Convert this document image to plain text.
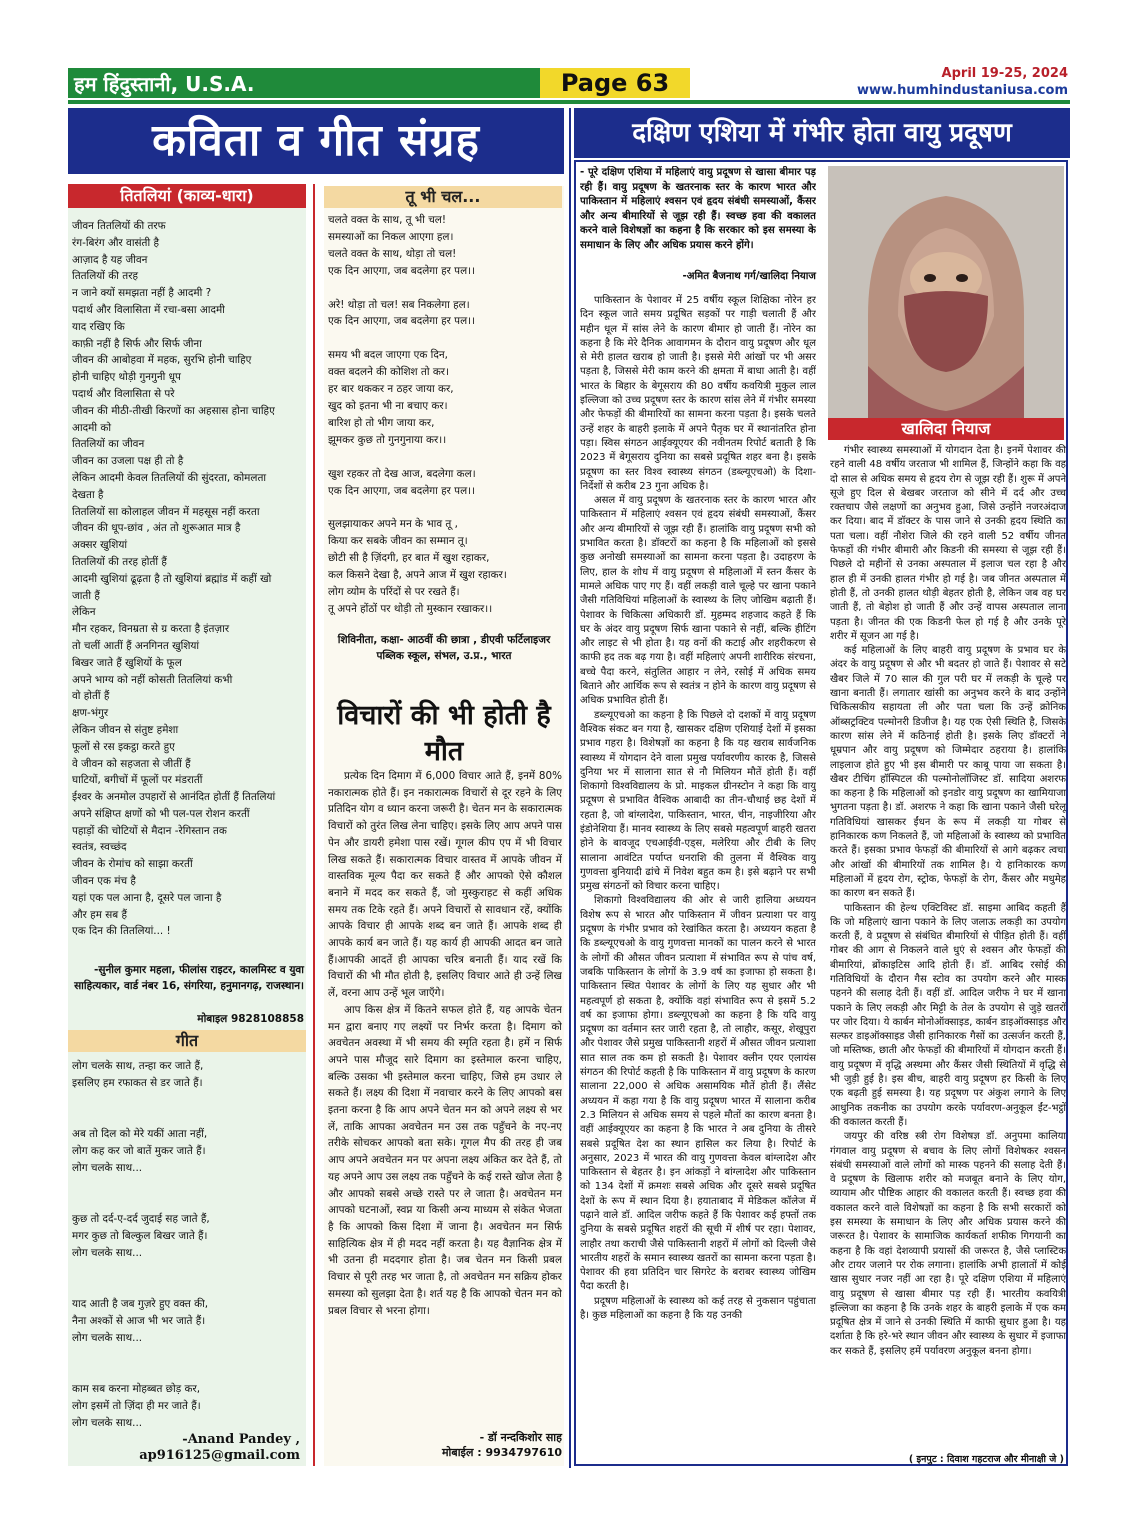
हम हिंदुस्तानी, U.S.A.	Page 63	April 19-25, 2024
www.humhindustaniusa.com
कविता व गीत संग्रह	दक्षिण एशिया में गंभीर होता वायु प्रदूषण
तितलियां (काव्य-धारा)
जीवन तितलियों की तरफ
रंग-बिरंग और वासंती है
आज़ाद है यह जीवन
तितलियों की तरह
न जाने क्यों समझता नहीं है आदमी ?
पदार्थ और विलासिता में रचा-बसा आदमी
याद रखिए कि
काफ़ी नहीं है सिर्फ और सिर्फ जीना
जीवन की आबोहवा में महक, सुरभि होनी चाहिए
होनी चाहिए थोड़ी गुनगुनी धूप
पदार्थ और विलासिता से परे
जीवन की मीठी-तीखी किरणों का अहसास होना चाहिए
आदमी को
तितलियों का जीवन
जीवन का उजला पक्ष ही तो है
लेकिन आदमी केवल तितलियों की सुंदरता, कोमलता
देखता है
तितलियों सा कोलाहल जीवन में महसूस नहीं करता
जीवन की धूप-छांव , अंत तो शुरूआत मात्र है
अक्सर खुशियां
तितलियों की तरह होतीं हैं
आदमी खुशियां ढूढ़ता है तो खुशियां ब्रह्मांड में कहीं खो
जाती हैं
लेकिन
मौन रहकर, विनम्रता से ग्र करता है इंतज़ार
तो चलीं आतीं हैं अनगिनत खुशियां
बिखर जाते हैं खुशियों के फूल
अपने भाग्य को नहीं कोसती तितलियां कभी
वो होतीं हैं
क्षण-भंगुर
लेकिन जीवन से संतुष्ट हमेशा
फूलों से रस इकट्ठा करते हुए
वे जीवन को सहजता से जीतीं हैं
घाटियों, बगीचों में फूलों पर मंडरातीं
ईश्वर के अनमोल उपहारों से आनंदित होतीं हैं तितलियां
अपने संक्षिप्त क्षणों को भी पल-पल रोशन करतीं
पहाड़ों की चोटियों से मैदान -रेगिस्तान तक
स्वतंत्र, स्वच्छंद
जीवन के रोमांच को साझा करतीं
जीवन एक मंच है
यहां एक पल आना है, दूसरे पल जाना है
और हम सब हैं
एक दिन की तितलियां... !
-सुनील कुमार महला, फीलांस राइटर, कालमिस्ट व युवा साहित्यकार, वार्ड नंबर 16, संगरिया, हनुमानगढ़, राजस्थान।
मोबाइल 9828108858
गीत
लोग चलके साथ, तन्हा कर जाते हैं,
इसलिए हम रफाकत से डर जाते हैं।

अब तो दिल को मेरे यकीं आता नहीं,
लोग कह कर जो बातें मुकर जाते हैं।
लोग चलके साथ...

कुछ तो दर्द-ए-दर्द जुदाई सह जाते हैं,
मगर कुछ तो बिल्कुल बिखर जाते हैं।
लोग चलके साथ...

याद आती है जब गुज़रे हुए वक्त की,
नैना अश्कों से आज भी भर जाते हैं।
लोग चलके साथ...

काम सब करना मोहब्बत छोड़ कर,
लोग इसमें तो ज़िंदा ही मर जाते हैं।
लोग चलके साथ...

-Anand Pandey ,
ap916125@gmail.com
तू भी चल...
चलते वक्त के साथ, तू भी चल!
समस्याओं का निकल आएगा हल।
चलते वक्त के साथ, थोड़ा तो चल!
एक दिन आएगा, जब बदलेगा हर पल।।

अरे! थोड़ा तो चल! सब निकलेगा हल।
एक दिन आएगा, जब बदलेगा हर पल।।

समय भी बदल जाएगा एक दिन,
वक्त बदलने की कोशिश तो कर।
हर बार थककर न ठहर जाया कर,
खुद को इतना भी ना बचाए कर।
बारिश हो तो भीग जाया कर,
झूमकर कुछ तो गुनगुनाया कर।।

खुश रहकर तो देख आज, बदलेगा कल।
एक दिन आएगा, जब बदलेगा हर पल।।

सुलझायाकर अपने मन के भाव तू ,
किया कर सबके जीवन का सम्मान तू।
छोटी सी है ज़िंदगी, हर बात में खुश रहाकर,
कल किसने देखा है, अपने आज में खुश रहाकर।
लोग व्योम के परिंदों से पर रखते हैं।
तू अपने होंठों पर थोड़ी तो मुस्कान रखाकर।।

शिविनीता, कक्षा- आठवीं की छात्रा , डीएवी फर्टिलाइजर पब्लिक स्कूल, संभल, उ.प्र., भारत
विचारों की भी होती है मौत

प्रत्येक दिन दिमाग में 6,000 विचार आते हैं, इनमें 80% नकारात्मक होते हैं। इन नकारात्मक विचारों से दूर रहने के लिए प्रतिदिन योग व ध्यान करना जरूरी है। चेतन मन के सकारात्मक विचारों को तुरंत लिख लेना चाहिए। इसके लिए आप अपने पास पेन और डायरी हमेशा पास रखें। गूगल कीप एप में भी विचार लिख सकते हैं। सकारात्मक विचार वास्तव में आपके जीवन में वास्तविक मूल्य पैदा कर सकते हैं और आपको ऐसे कौशल बनाने में मदद कर सकते हैं, जो मुस्कुराहट से कहीं अधिक समय तक टिके रहते हैं। अपने विचारों से सावधान रहें, क्योंकि आपके विचार ही आपके शब्द बन जाते हैं। आपके शब्द ही आपके कार्य बन जाते हैं। यह कार्य ही आपकी आदत बन जाते हैं।आपकी आदतें ही आपका चरित्र बनाती हैं। याद रखें कि विचारों की भी मौत होती है, इसलिए विचार आते ही उन्हें लिख लें, वरना आप उन्हें भूल जाएँगे।

आप किस क्षेत्र में कितने सफल होते हैं, यह आपके चेतन मन द्वारा बनाए गए लक्ष्यों पर निर्भर करता है। दिमाग को अवचेतन अवस्था में भी समय की स्मृति रहता है। हमें न सिर्फ अपने पास मौजूद सारे दिमाग का इस्तेमाल करना चाहिए, बल्कि उसका भी इस्तेमाल करना चाहिए, जिसे हम उधार ले सकते हैं। लक्ष्य की दिशा में नवाचार करने के लिए आपको बस इतना करना है कि आप अपने चेतन मन को अपने लक्ष्य से भर लें, ताकि आपका अवचेतन मन उस तक पहुँचने के नए-नए तरीके सोचकर आपको बता सके। गूगल मैप की तरह ही जब आप अपने अवचेतन मन पर अपना लक्ष्य अंकित कर देते हैं, तो यह अपने आप उस लक्ष्य तक पहुँचने के कई रास्ते खोज लेता है और आपको सबसे अच्छे रास्ते पर ले जाता है। अवचेतन मन आपको घटनाओं, स्वप्न या किसी अन्य माध्यम से संकेत भेजता है कि आपको किस दिशा में जाना है। अवचेतन मन सिर्फ साहित्यिक क्षेत्र में ही मदद नहीं करता है। यह वैज्ञानिक क्षेत्र में भी उतना ही मददगार होता है। जब चेतन मन किसी प्रबल विचार से पूरी तरह भर जाता है, तो अवचेतन मन सक्रिय होकर समस्या को सुलझा देता है। शर्त यह है कि आपको चेतन मन को प्रबल विचार से भरना होगा।

- डॉ नन्दकिशोर साह
मोबाईल : 9934797610
- पूरे दक्षिण एशिया में महिलाएं वायु प्रदूषण से खासा बीमार पड़ रही हैं। वायु प्रदूषण के खतरनाक स्तर के कारण भारत और पाकिस्तान में महिलाएं श्वसन एवं हृदय संबंधी समस्याओं, कैंसर और अन्य बीमारियों से जूझ रही हैं। स्वच्छ हवा की वकालत करने वाले विशेषज्ञों का कहना है कि सरकार को इस समस्या के समाधान के लिए और अधिक प्रयास करने होंगे।
-अमित बैजनाथ गर्ग/खालिदा नियाज

पाकिस्तान के पेशावर में 25 वर्षीय स्कूल शिक्षिका नोरेन हर दिन स्कूल जाते समय प्रदूषित सड़कों पर गाड़ी चलाती हैं और महीन धूल में सांस लेने के कारण बीमार हो जाती हैं। नोरेन का कहना है कि मेरे दैनिक आवागमन के दौरान वायु प्रदूषण और धूल से मेरी हालत खराब हो जाती है। इससे मेरी आंखों पर भी असर पड़ता है, जिससे मेरी काम करने की क्षमता में बाधा आती है। वहीं भारत के बिहार के बेगूसराय की 80 वर्षीय कवयित्री मुकुल लाल इल्लिजा को उच्च प्रदूषण स्तर के कारण सांस लेने में गंभीर समस्या और फेफड़ों की बीमारियों का सामना करना पड़ता है। इसके चलते उन्हें शहर के बाहरी इलाके में अपने पैतृक घर में स्थानांतरित होना पड़ा। स्विस संगठन आईक्यूएयर की नवीनतम रिपोर्ट बताती है कि 2023 में बेगूसराय दुनिया का सबसे प्रदूषित शहर बना है। इसके प्रदूषण का स्तर विश्व स्वास्थ्य संगठन (डब्ल्यूएचओ) के दिशा-निर्देशों से करीब 23 गुना अधिक है।

असल में वायु प्रदूषण के खतरनाक स्तर के कारण भारत और पाकिस्तान में महिलाएं श्वसन एवं हृदय संबंधी समस्याओं, कैंसर और अन्य बीमारियों से जूझ रही हैं। हालांकि वायु प्रदूषण सभी को प्रभावित करता है। डॉक्टरों का कहना है कि महिलाओं को इससे कुछ अनोखी समस्याओं का सामना करना पड़ता है। उदाहरण के लिए, हाल के शोध में वायु प्रदूषण से महिलाओं में स्तन कैंसर के मामले अधिक पाए गए हैं। वहीं लकड़ी वाले चूल्हे पर खाना पकाने जैसी गतिविधियां महिलाओं के स्वास्थ्य के लिए जोखिम बढ़ाती हैं। पेशावर के चिकित्सा अधिकारी डॉ. मुहम्मद शहजाद कहते हैं कि घर के अंदर वायु प्रदूषण सिर्फ खाना पकाने से नहीं, बल्कि हीटिंग और लाइट से भी होता है। यह वनों की कटाई और शहरीकरण से काफी हद तक बढ़ गया है। वहीं महिलाएं अपनी शारीरिक संरचना, बच्चे पैदा करने, संतुलित आहार न लेने, रसोई में अधिक समय बिताने और आर्थिक रूप से स्वतंत्र न होने के कारण वायु प्रदूषण से अधिक प्रभावित होती हैं।

डब्ल्यूएचओ का कहना है कि पिछले दो दशकों में वायु प्रदूषण वैश्विक संकट बन गया है, खासकर दक्षिण एशियाई देशों में इसका प्रभाव गहरा है। विशेषज्ञों का कहना है कि यह खराब सार्वजनिक स्वास्थ्य में योगदान देने वाला प्रमुख पर्यावरणीय कारक है, जिससे दुनिया भर में सालाना सात से नौ मिलियन मौतें होती हैं। वहीं शिकागो विश्वविद्यालय के प्रो. माइकल ग्रीनस्टोन ने कहा कि वायु प्रदूषण से प्रभावित वैश्विक आबादी का तीन-चौथाई छह देशों में रहता है, जो बांग्लादेश, पाकिस्तान, भारत, चीन, नाइजीरिया और इंडोनेशिया हैं। मानव स्वास्थ्य के लिए सबसे महत्वपूर्ण बाहरी खतरा होने के बावजूद एचआईवी-एड्स, मलेरिया और टीबी के लिए सालाना आवंटित पर्याप्त धनराशि की तुलना में वैश्विक वायु गुणवत्ता बुनियादी ढांचे में निवेश बहुत कम है। इसे बढ़ाने पर सभी प्रमुख संगठनों को विचार करना चाहिए।

शिकागो विश्वविद्यालय की ओर से जारी हालिया अध्ययन विशेष रूप से भारत और पाकिस्तान में जीवन प्रत्याशा पर वायु प्रदूषण के गंभीर प्रभाव को रेखांकित करता है। अध्ययन कहता है कि डब्ल्यूएचओ के वायु गुणवत्ता मानकों का पालन करने से भारत के लोगों की औसत जीवन प्रत्याशा में संभावित रूप से पांच वर्ष, जबकि पाकिस्तान के लोगों के 3.9 वर्ष का इजाफा हो सकता है। पाकिस्तान स्थित पेशावर के लोगों के लिए यह सुधार और भी महत्वपूर्ण हो सकता है, क्योंकि वहां संभावित रूप से इसमें 5.2 वर्ष का इजाफा होगा। डब्ल्यूएचओ का कहना है कि यदि वायु प्रदूषण का वर्तमान स्तर जारी रहता है, तो लाहौर, कसूर, शेखूपुरा और पेशावर जैसे प्रमुख पाकिस्तानी शहरों में औसत जीवन प्रत्याशा सात साल तक कम हो सकती है। पेशावर क्लीन एयर एलायंस संगठन की रिपोर्ट कहती है कि पाकिस्तान में वायु प्रदूषण के कारण सालाना 22,000 से अधिक असामयिक मौतें होती हैं। लैंसेट अध्ययन में कहा गया है कि वायु प्रदूषण भारत में सालाना करीब 2.3 मिलियन से अधिक समय से पहले मौतों का कारण बनता है। वहीं आईक्यूएयर का कहना है कि भारत ने अब दुनिया के तीसरे सबसे प्रदूषित देश का स्थान हासिल कर लिया है। रिपोर्ट के अनुसार, 2023 में भारत की वायु गुणवत्ता केवल बांग्लादेश और पाकिस्तान से बेहतर है। इन आंकड़ों ने बांग्लादेश और पाकिस्तान को 134 देशों में क्रमशः सबसे अधिक और दूसरे सबसे प्रदूषित देशों के रूप में स्थान दिया है। हयाताबाद में मेडिकल कॉलेज में पढ़ाने वाले डॉ. आदिल जरीफ कहते हैं कि पेशावर कई हफ्तों तक दुनिया के सबसे प्रदूषित शहरों की सूची में शीर्ष पर रहा। पेशावर, लाहौर तथा कराची जैसे पाकिस्तानी शहरों में लोगों को दिल्ली जैसे भारतीय शहरों के समान स्वास्थ्य खतरों का सामना करना पड़ता है। पेशावर की हवा प्रतिदिन चार सिगरेट के बराबर स्वास्थ्य जोखिम पैदा करती है।

प्रदूषण महिलाओं के स्वास्थ्य को कई तरह से नुकसान पहुंचाता है। कुछ महिलाओं का कहना है कि यह उनकी

खालिदा नियाज

गंभीर स्वास्थ्य समस्याओं में योगदान देता है। इनमें पेशावर की रहने वाली 48 वर्षीय जरताज भी शामिल हैं, जिन्होंने कहा कि वह दो साल से अधिक समय से हृदय रोग से जूझ रही हैं। शुरू में अपने सूजे हुए दिल से बेखबर जरताज को सीने में दर्द और उच्च रक्तचाप जैसे लक्षणों का अनुभव हुआ, जिसे उन्होंने नजरअंदाज कर दिया। बाद में डॉक्टर के पास जाने से उनकी हृदय स्थिति का पता चला। वहीं नौशेरा जिले की रहने वाली 52 वर्षीय जीनत फेफड़ों की गंभीर बीमारी और किडनी की समस्या से जूझ रही हैं। पिछले दो महीनों से उनका अस्पताल में इलाज चल रहा है और हाल ही में उनकी हालत गंभीर हो गई है। जब जीनत अस्पताल में होती हैं, तो उनकी हालत थोड़ी बेहतर होती है, लेकिन जब वह घर जाती हैं, तो बेहोश हो जाती हैं और उन्हें वापस अस्पताल लाना पड़ता है। जीनत की एक किडनी फेल हो गई है और उनके पूरे शरीर में सूजन आ गई है।

कई महिलाओं के लिए बाहरी वायु प्रदूषण के प्रभाव घर के अंदर के वायु प्रदूषण से और भी बदतर हो जाते हैं। पेशावर से सटे खैबर जिले में 70 साल की गुल परी घर में लकड़ी के चूल्हे पर खाना बनाती हैं। लगातार खांसी का अनुभव करने के बाद उन्होंने चिकित्सकीय सहायता ली और पता चला कि उन्हें क्रोनिक ऑब्सट्रक्टिव पल्मोनरी डिजीज है। यह एक ऐसी स्थिति है, जिसके कारण सांस लेने में कठिनाई होती है। इसके लिए डॉक्टरों ने धूम्रपान और वायु प्रदूषण को जिम्मेदार ठहराया है। हालांकि लाइलाज होते हुए भी इस बीमारी पर काबू पाया जा सकता है। खैबर टीचिंग हॉस्पिटल की पल्मोनोलॉजिस्ट डॉ. सादिया अशरफ का कहना है कि महिलाओं को इनडोर वायु प्रदूषण का खामियाजा भुगतना पड़ता है। डॉ. अशरफ ने कहा कि खाना पकाने जैसी घरेलू गतिविधियां खासकर ईंधन के रूप में लकड़ी या गोबर से हानिकारक कण निकलते हैं, जो महिलाओं के स्वास्थ्य को प्रभावित करते हैं। इसका प्रभाव फेफड़ों की बीमारियों से आगे बढ़कर त्वचा और आंखों की बीमारियों तक शामिल है। ये हानिकारक कण महिलाओं में हृदय रोग, स्ट्रोक, फेफड़ों के रोग, कैंसर और मधुमेह का कारण बन सकते हैं।

पाकिस्तान की हेल्थ एक्टिविस्ट डॉ. साइमा आबिद कहती हैं कि जो महिलाएं खाना पकाने के लिए जलाऊ लकड़ी का उपयोग करती हैं, वे प्रदूषण से संबंधित बीमारियों से पीड़ित होती हैं। वहीं गोबर की आग से निकलने वाले धुएं से श्वसन और फेफड़ों की बीमारियां, ब्रोंकाइटिस आदि होती हैं। डॉ. आबिद रसोई की गतिविधियों के दौरान गैस स्टोव का उपयोग करने और मास्क पहनने की सलाह देती हैं। वहीं डॉ. आदिल जरीफ ने घर में खाना पकाने के लिए लकड़ी और मिट्टी के तेल के उपयोग से जुड़े खतरों पर जोर दिया। ये कार्बन मोनोऑक्साइड, कार्बन डाइऑक्साइड और सल्फर डाइऑक्साइड जैसी हानिकारक गैसों का उत्सर्जन करती हैं, जो मस्तिष्क, छाती और फेफड़ों की बीमारियों में योगदान करती हैं। वायु प्रदूषण में वृद्धि अस्थमा और कैंसर जैसी स्थितियों में वृद्धि से भी जुड़ी हुई है। इस बीच, बाहरी वायु प्रदूषण हर किसी के लिए एक बढ़ती हुई समस्या है। यह प्रदूषण पर अंकुश लगाने के लिए आधुनिक तकनीक का उपयोग करके पर्यावरण-अनुकूल ईंट-भट्ठों की वकालत करती हैं।

जयपुर की वरिष्ठ स्त्री रोग विशेषज्ञ डॉ. अनुपमा कालिया गंगवाल वायु प्रदूषण से बचाव के लिए लोगों विशेषकर श्वसन संबंधी समस्याओं वाले लोगों को मास्क पहनने की सलाह देती हैं। वे प्रदूषण के खिलाफ शरीर को मजबूत बनाने के लिए योग, व्यायाम और पौष्टिक आहार की वकालत करती हैं। स्वच्छ हवा की वकालत करने वाले विशेषज्ञों का कहना है कि सभी सरकारों को इस समस्या के समाधान के लिए और अधिक प्रयास करने की जरूरत है। पेशावर के सामाजिक कार्यकर्ता शफीक गिगयानी का कहना है कि वहां देशव्यापी प्रयासों की जरूरत है, जैसे प्लास्टिक और टायर जलाने पर रोक लगाना। हालांकि अभी हालातों में कोई खास सुधार नजर नहीं आ रहा है। पूरे दक्षिण एशिया में महिलाएं वायु प्रदूषण से खासा बीमार पड़ रही हैं। भारतीय कवयित्री इल्लिजा का कहना है कि उनके शहर के बाहरी इलाके में एक कम प्रदूषित क्षेत्र में जाने से उनकी स्थिति में काफी सुधार हुआ है। यह दर्शाता है कि हरे-भरे स्थान जीवन और स्वास्थ्य के सुधार में इजाफा कर सकते हैं, इसलिए हमें पर्यावरण अनुकूल बनना होगा।

( इनपुट : दिवाश गहटराज और मीनाक्षी जे )
